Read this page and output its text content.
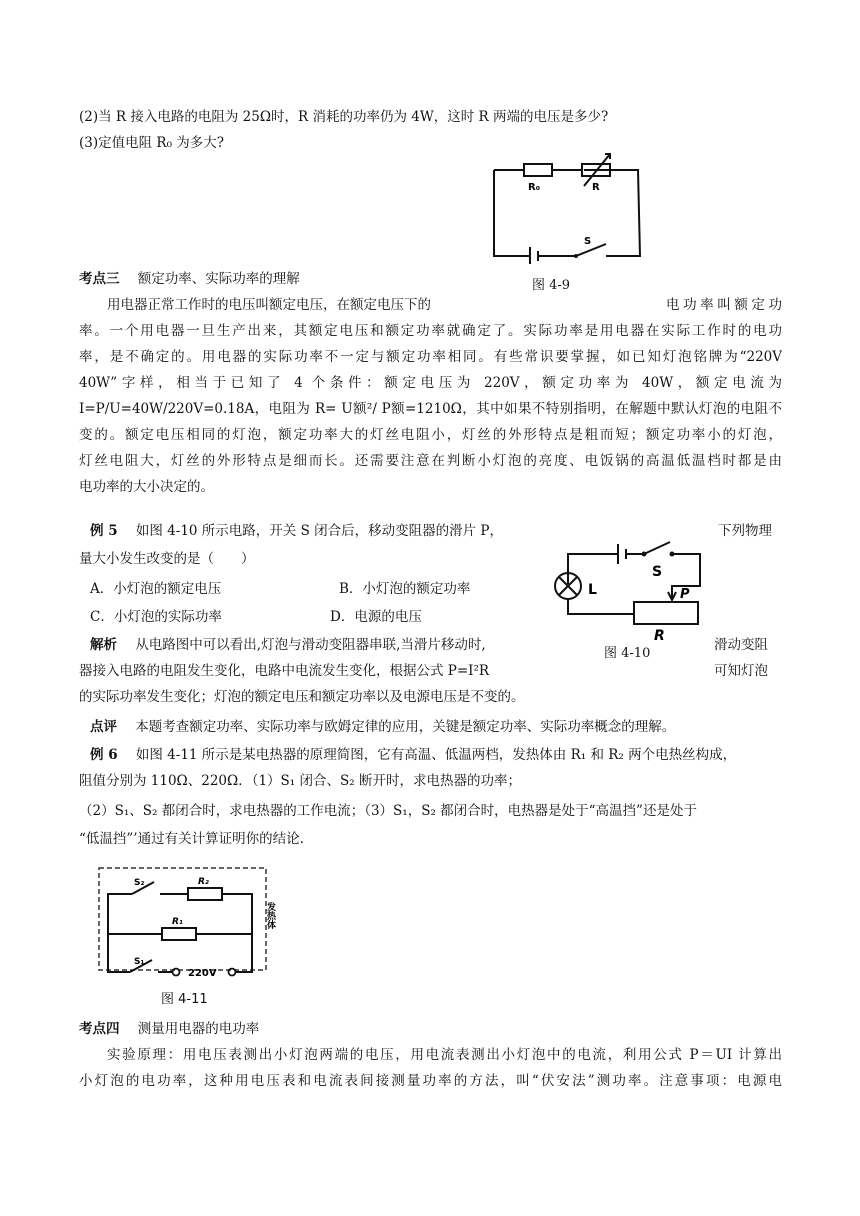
(2)当 R 接入电路的电阻为 25Ω时，R 消耗的功率仍为 4W，这时 R 两端的电压是多少?
(3)定值电阻 R₀ 为多大?
R₀	R
S
图 4-9
考点三 额定功率、实际功率的理解
用电器正常工作时的电压叫额定电压，在额定电压下的	电功率叫额定功
率。一个用电器一旦生产出来，其额定电压和额定功率就确定了。实际功率是用电器在实际工作时的电功
率，是不确定的。用电器的实际功率不一定与额定功率相同。有些常识要掌握，如已知灯泡铭牌为“220V
40W”字样，相当于已知了 4 个条件：额定电压为 220V，额定功率为 40W，额定电流为
I=P/U=40W/220V=0.18A，电阻为 R= U额²/ P额=1210Ω，其中如果不特别指明，在解题中默认灯泡的电阻不
变的。额定电压相同的灯泡，额定功率大的灯丝电阻小，灯丝的外形特点是粗而短；额定功率小的灯泡，
灯丝电阻大，灯丝的外形特点是细而长。还需要注意在判断小灯泡的亮度、电饭锅的高温低温档时都是由
电功率的大小决定的。
例 5 如图 4-10 所示电路，开关 S 闭合后，移动变阻器的滑片 P，	下列物理
量大小发生改变的是（　　）
A．小灯泡的额定电压	B．小灯泡的额定功率
C．小灯泡的实际功率	D．电源的电压
L
S
P
R
图 4-10
解析 从电路图中可以看出,灯泡与滑动变阻器串联,当滑片移动时,	滑动变阻
器接入电路的电阻发生变化，电路中电流发生变化，根据公式 P=I²R	可知灯泡
的实际功率发生变化；灯泡的额定电压和额定功率以及电源电压是不变的。
点评 本题考查额定功率、实际功率与欧姆定律的应用，关键是额定功率、实际功率概念的理解。
例 6 如图 4-11 所示是某电热器的原理简图，它有高温、低温两档，发热体由 R₁ 和 R₂ 两个电热丝构成，
阻值分别为 110Ω、220Ω．（1）S₁ 闭合、S₂ 断开时，求电热器的功率；
（2）S₁、S₂ 都闭合时，求电热器的工作电流；（3）S₁，S₂ 都闭合时，电热器是处于“高温挡”还是处于
“低温挡”’通过有关计算证明你的结论.
S₂	R₂
R₁
S₁
220V
发热体
图 4-11
考点四 测量用电器的电功率
实验原理：用电压表测出小灯泡两端的电压，用电流表测出小灯泡中的电流，利用公式 P＝UI 计算出
小灯泡的电功率，这种用电压表和电流表间接测量功率的方法，叫“伏安法”测功率。注意事项：电源电
